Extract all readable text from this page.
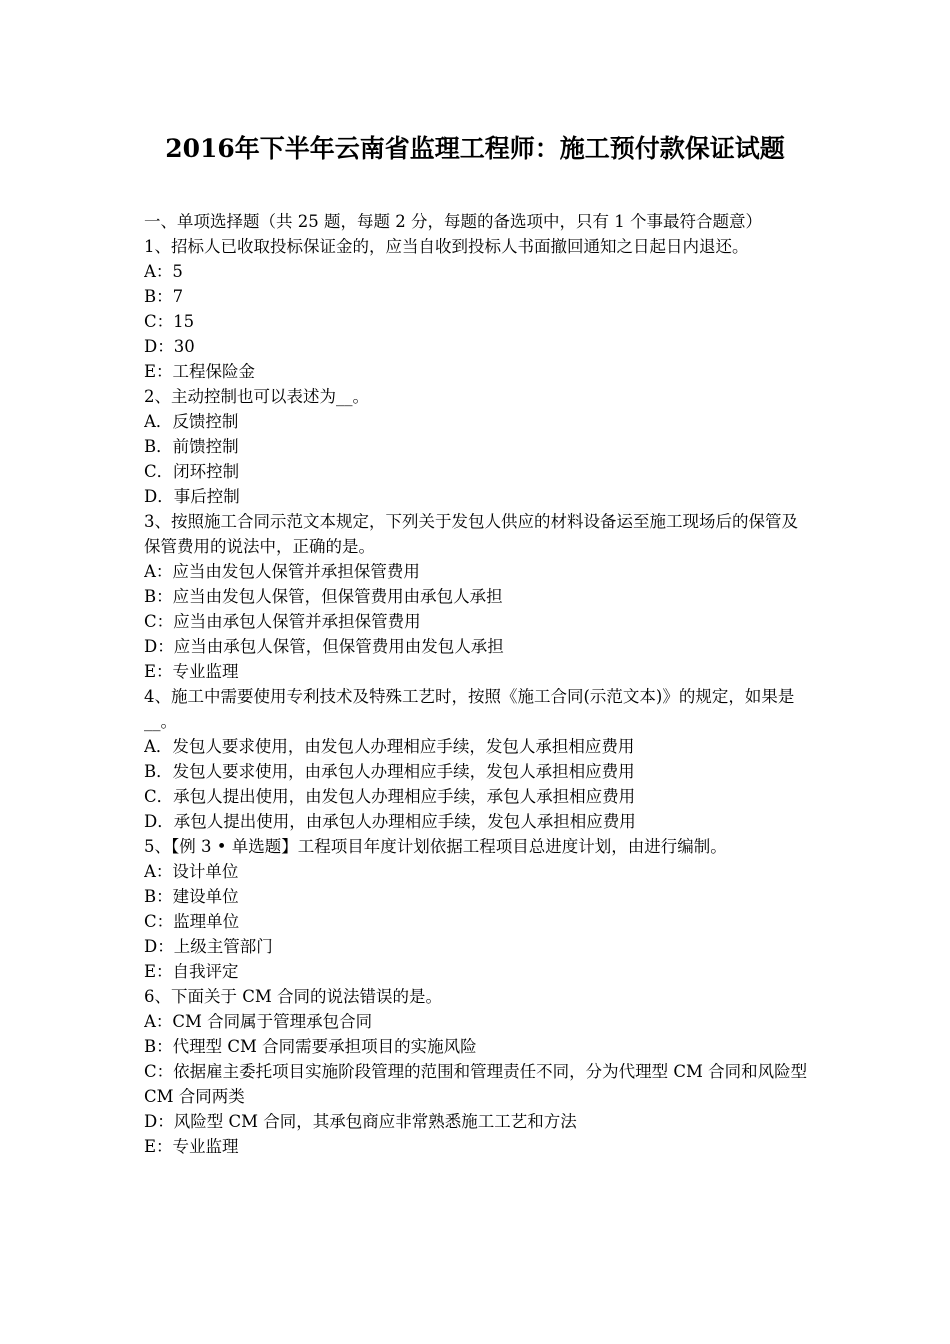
2016年下半年云南省监理工程师：施工预付款保证试题
一、单项选择题（共 25 题，每题 2 分，每题的备选项中，只有 1 个事最符合题意）
1、招标人已收取投标保证金的，应当自收到投标人书面撤回通知之日起日内退还。
A：5
B：7
C：15
D：30
E：工程保险金
2、主动控制也可以表述为__。
A．反馈控制
B．前馈控制
C．闭环控制
D．事后控制
3、按照施工合同示范文本规定，下列关于发包人供应的材料设备运至施工现场后的保管及保管费用的说法中，正确的是。
A：应当由发包人保管并承担保管费用
B：应当由发包人保管，但保管费用由承包人承担
C：应当由承包人保管并承担保管费用
D：应当由承包人保管，但保管费用由发包人承担
E：专业监理
4、施工中需要使用专利技术及特殊工艺时，按照《施工合同(示范文本)》的规定，如果是__。
A．发包人要求使用，由发包人办理相应手续，发包人承担相应费用
B．发包人要求使用，由承包人办理相应手续，发包人承担相应费用
C．承包人提出使用，由发包人办理相应手续，承包人承担相应费用
D．承包人提出使用，由承包人办理相应手续，发包人承担相应费用
5、【例 3 • 单选题】工程项目年度计划依据工程项目总进度计划，由进行编制。
A：设计单位
B：建设单位
C：监理单位
D：上级主管部门
E：自我评定
6、下面关于 CM 合同的说法错误的是。
A：CM 合同属于管理承包合同
B：代理型 CM 合同需要承担项目的实施风险
C：依据雇主委托项目实施阶段管理的范围和管理责任不同，分为代理型 CM 合同和风险型 CM 合同两类
D：风险型 CM 合同，其承包商应非常熟悉施工工艺和方法
E：专业监理
